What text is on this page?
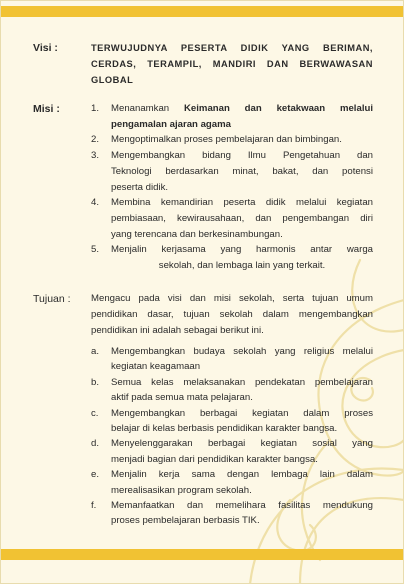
Visi :	TERWUJUDNYA PESERTA DIDIK YANG BERIMAN,
CERDAS, TERAMPIL, MANDIRI DAN BERWAWASAN
GLOBAL
Misi :	1. Menanamkan Keimanan dan ketakwaan melalui
pengamalan ajaran agama
2. Mengoptimalkan proses pembelajaran dan bimbingan.
3. Mengembangkan bidang Ilmu Pengetahuan dan
Teknologi berdasarkan minat, bakat, dan potensi
peserta didik.
4. Membina kemandirian peserta didik melalui kegiatan
pembiasaan, kewirausahaan, dan pengembangan diri
yang terencana dan berkesinambungan.
5. Menjalin kerjasama yang harmonis antar warga
sekolah, dan lembaga lain yang terkait.
Tujuan : Mengacu pada visi dan misi sekolah, serta tujuan umum
pendidikan dasar, tujuan sekolah dalam mengembangkan
pendidikan ini adalah sebagai berikut ini.
a. Mengembangkan budaya sekolah yang religius melalui
kegiatan keagamaan
b. Semua kelas melaksanakan pendekatan pembelajaran
aktif pada semua mata pelajaran.
c. Mengembangkan berbagai kegiatan dalam proses
belajar di kelas berbasis pendidikan karakter bangsa.
d. Menyelenggarakan berbagai kegiatan sosial yang
menjadi bagian dari pendidikan karakter bangsa.
e. Menjalin kerja sama dengan lembaga lain dalam
merealisasikan program sekolah.
f. Memanfaatkan dan memelihara fasilitas mendukung
proses pembelajaran berbasis TIK.
